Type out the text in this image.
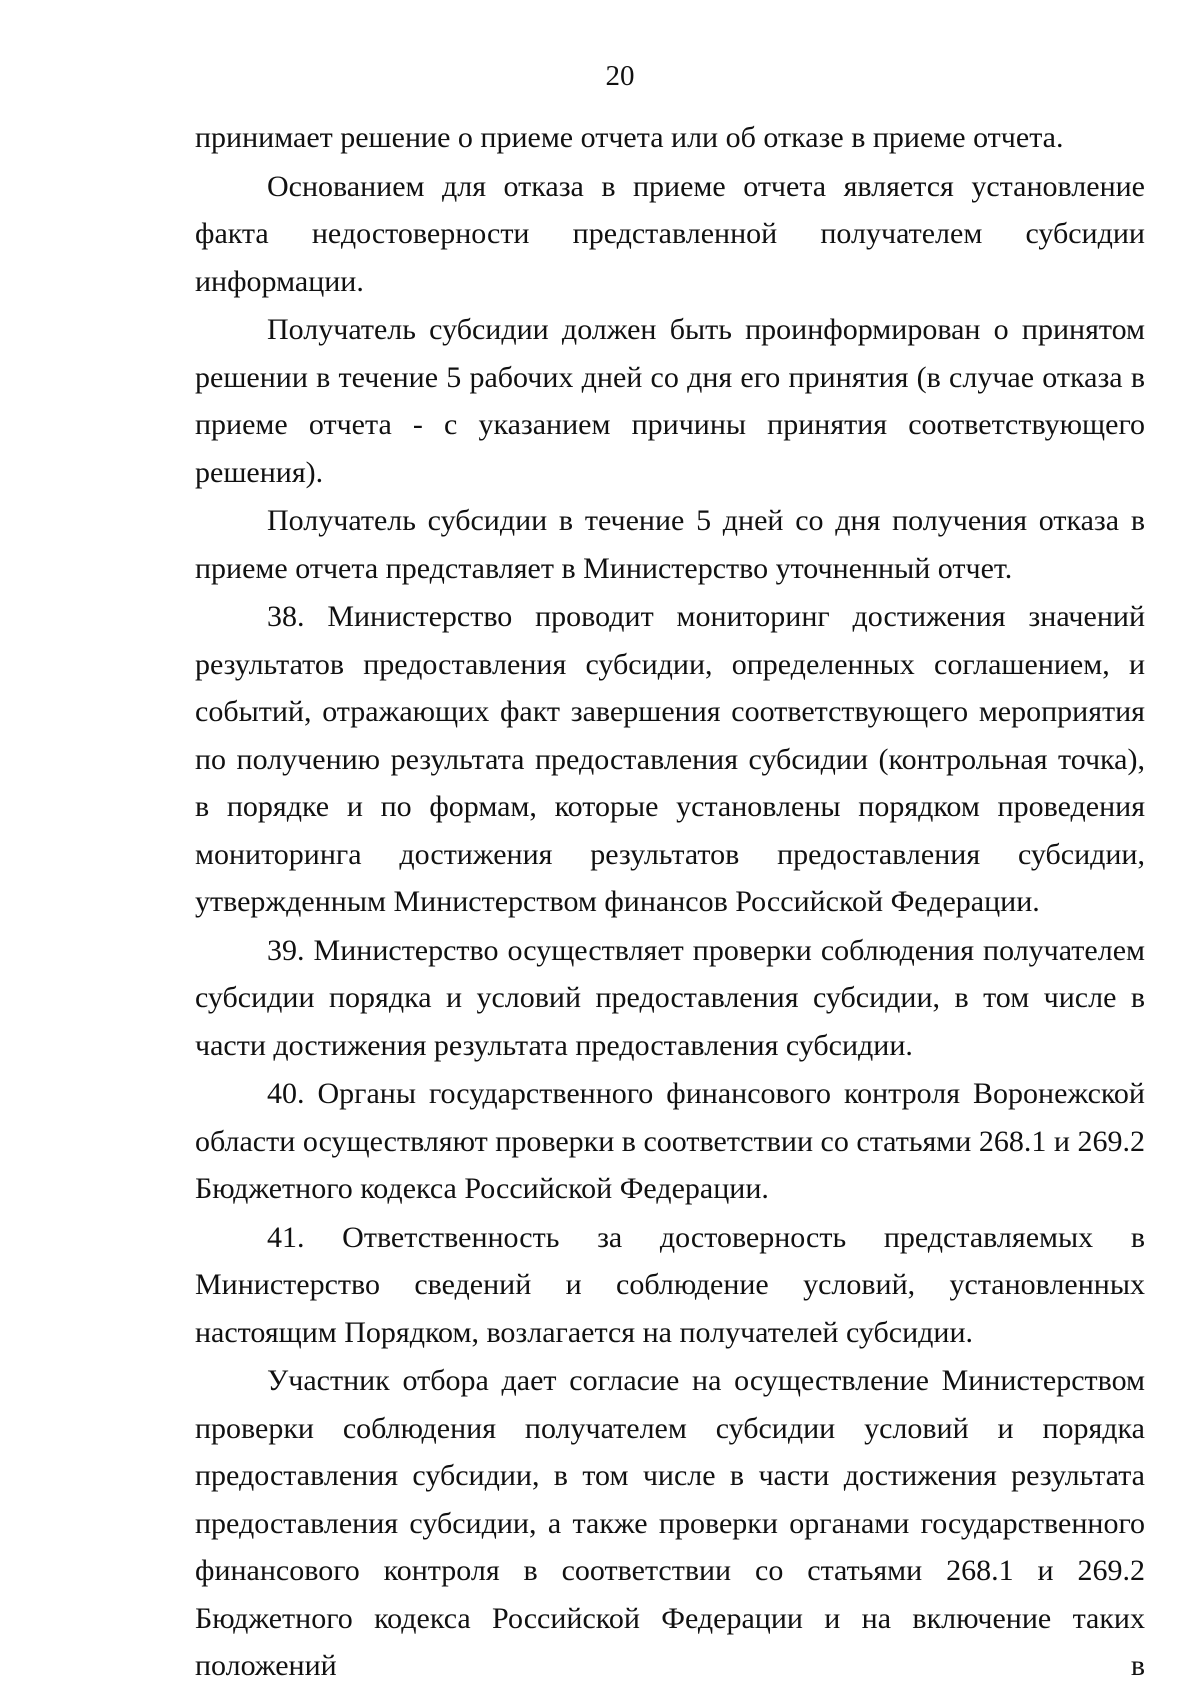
20

принимает решение о приеме отчета или об отказе в приеме отчета.

Основанием для отказа в приеме отчета является установление факта недостоверности представленной получателем субсидии информации.

Получатель субсидии должен быть проинформирован о принятом решении в течение 5 рабочих дней со дня его принятия (в случае отказа в приеме отчета - с указанием причины принятия соответствующего решения).

Получатель субсидии в течение 5 дней со дня получения отказа в приеме отчета представляет в Министерство уточненный отчет.

38. Министерство проводит мониторинг достижения значений результатов предоставления субсидии, определенных соглашением, и событий, отражающих факт завершения соответствующего мероприятия по получению результата предоставления субсидии (контрольная точка), в порядке и по формам, которые установлены порядком проведения мониторинга достижения результатов предоставления субсидии, утвержденным Министерством финансов Российской Федерации.

39. Министерство осуществляет проверки соблюдения получателем субсидии порядка и условий предоставления субсидии, в том числе в части достижения результата предоставления субсидии.

40. Органы государственного финансового контроля Воронежской области осуществляют проверки в соответствии со статьями 268.1 и 269.2 Бюджетного кодекса Российской Федерации.

41. Ответственность за достоверность представляемых в Министерство сведений и соблюдение условий, установленных настоящим Порядком, возлагается на получателей субсидии.

Участник отбора дает согласие на осуществление Министерством проверки соблюдения получателем субсидии условий и порядка предоставления субсидии, в том числе в части достижения результата предоставления субсидии, а также проверки органами государственного финансового контроля в соответствии со статьями 268.1 и 269.2 Бюджетного кодекса Российской Федерации и на включение таких положений в
